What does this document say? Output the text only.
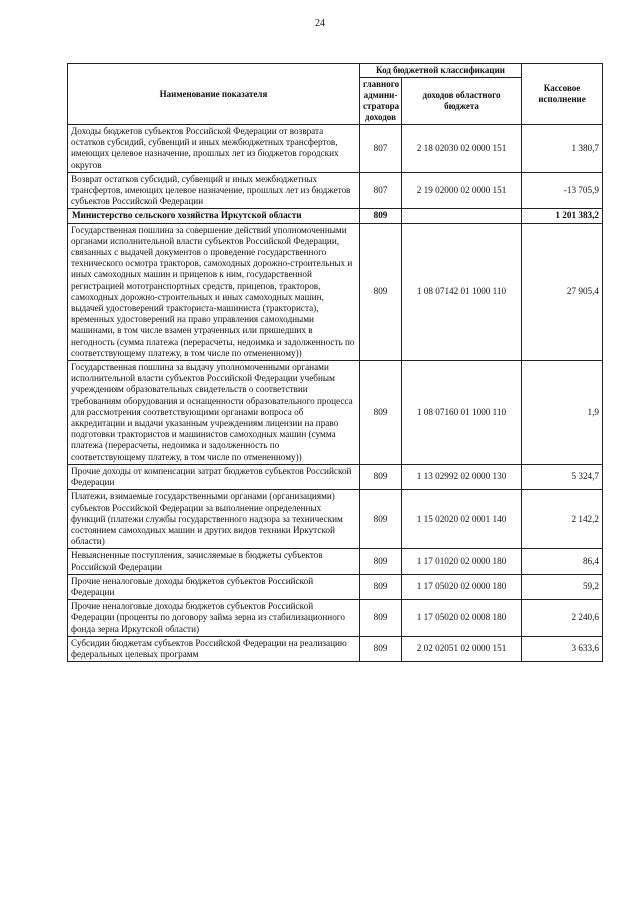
24
Наименование показателя	Код бюджетной классификации		Кассовое исполнение
	главного админи-стратора доходов	доходов областного бюджета	
Доходы бюджетов субъектов Российской Федерации от возврата остатков субсидий, субвенций и иных межбюджетных трансфертов, имеющих целевое назначение, прошлых лет из бюджетов городских округов	807	2 18 02030 02 0000 151	1 380,7
Возврат остатков субсидий, субвенций и иных межбюджетных трансфертов, имеющих целевое назначение, прошлых лет из бюджетов субъектов Российской Федерации	807	2 19 02000 02 0000 151	-13 705,9
Министерство сельского хозяйства Иркутской области	809		1 201 383,2
Государственная пошлина за совершение действий уполномоченными органами исполнительной власти субъектов Российской Федерации, связанных с выдачей документов о проведение государственного технического осмотра тракторов, самоходных дорожно-строительных и иных самоходных машин и прицепов к ним, государственной регистрацией мототранспортных средств, прицепов, тракторов, самоходных дорожно-строительных и иных самоходных машин, выдачей удостоверений тракториста-машиниста (тракториста), временных удостоверений на право управления самоходными машинами, в том числе взамен утраченных или пришедших в негодность (сумма платежа (перерасчеты, недоимка и задолженность по соответствующему платежу, в том числе по отмененному))	809	1 08 07142 01 1000 110	27 905,4
Государственная пошлина за выдачу уполномоченными органами исполнительной власти субъектов Российской Федерации учебным учреждениям образовательных свидетельств о соответствии требованиям оборудования и оснащенности образовательного процесса для рассмотрения соответствующими органами вопроса об аккредитации и выдачи указанным учреждениям лицензии на право подготовки трактористов и машинистов самоходных машин (сумма платежа (перерасчеты, недоимка и задолженность по соответствующему платежу, в том числе по отмененному))	809	1 08 07160 01 1000 110	1,9
Прочие доходы от компенсации затрат бюджетов субъектов Российской Федерации	809	1 13 02992 02 0000 130	5 324,7
Платежи, взимаемые государственными органами (организациями) субъектов Российской Федерации за выполнение определенных функций (платежи службы государственного надзора за техническим состоянием самоходных машин и других видов техники Иркутской области)	809	1 15 02020 02 0001 140	2 142,2
Невыясненные поступления, зачисляемые в бюджеты субъектов Российской Федерации	809	1 17 01020 02 0000 180	86,4
Прочие неналоговые доходы бюджетов субъектов Российской Федерации	809	1 17 05020 02 0000 180	59,2
Прочие неналоговые доходы бюджетов субъектов Российской Федерации (проценты по договору займа зерна из стабилизационного фонда зерна Иркутской области)	809	1 17 05020 02 0008 180	2 240,6
Субсидии бюджетам субъектов Российской Федерации на реализацию федеральных целевых программ	809	2 02 02051 02 0000 151	3 633,6
